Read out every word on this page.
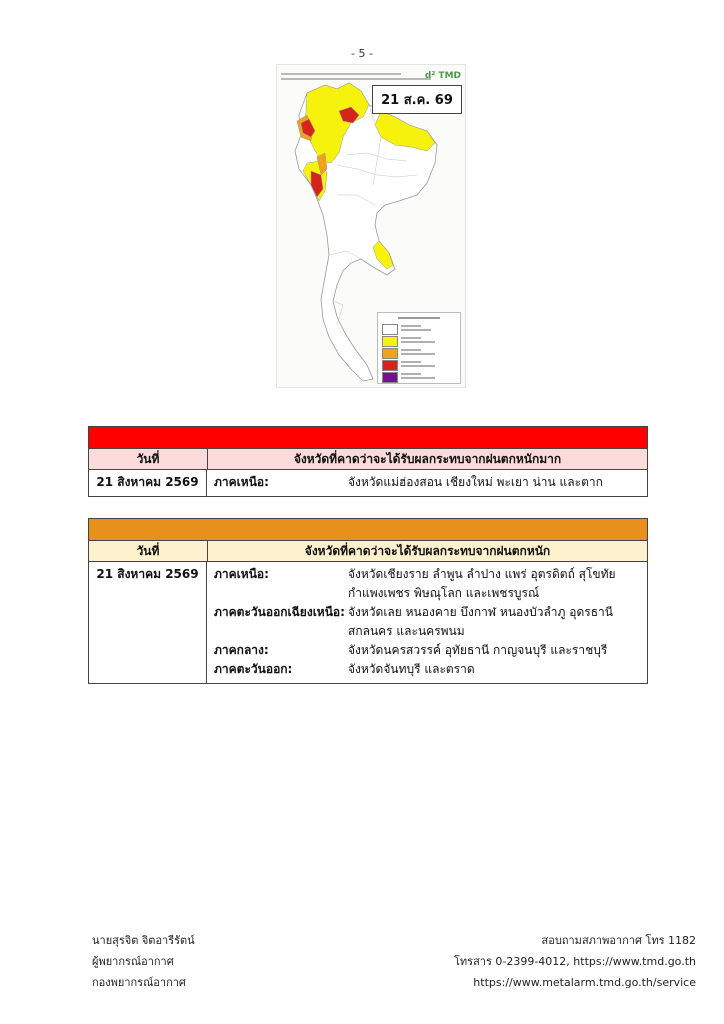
- 5 -
d² TMD
21 ส.ค. 69
วันที่	จังหวัดที่คาดว่าจะได้รับผลกระทบจากฝนตกหนักมาก
21 สิงหาคม 2569	ภาคเหนือ:	จังหวัดแม่ฮ่องสอน เชียงใหม่ พะเยา น่าน และตาก
วันที่	จังหวัดที่คาดว่าจะได้รับผลกระทบจากฝนตกหนัก
21 สิงหาคม 2569	ภาคเหนือ:	จังหวัดเชียงราย ลำพูน ลำปาง แพร่ อุตรดิตถ์ สุโขทัย
กำแพงเพชร พิษณุโลก และเพชรบูรณ์
ภาคตะวันออกเฉียงเหนือ: จังหวัดเลย หนองคาย บึงกาฬ หนองบัวลำภู อุดรธานี
สกลนคร และนครพนม
ภาคกลาง:	จังหวัดนครสวรรค์ อุทัยธานี กาญจนบุรี และราชบุรี
ภาคตะวันออก:	จังหวัดจันทบุรี และตราด
นายสุรจิต จิตอารีรัตน์
ผู้พยากรณ์อากาศ
กองพยากรณ์อากาศ
สอบถามสภาพอากาศ โทร 1182
โทรสาร 0-2399-4012, https://www.tmd.go.th
https://www.metalarm.tmd.go.th/service
